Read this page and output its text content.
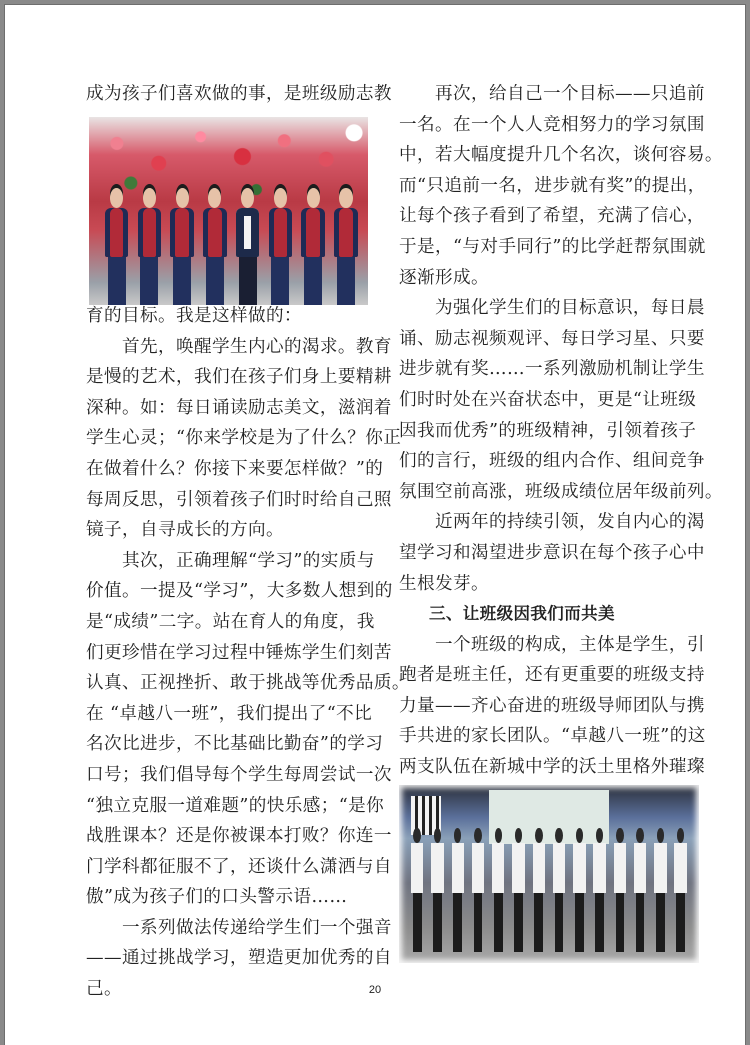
成为孩子们喜欢做的事，是班级励志教
育的目标。我是这样做的：
首先，唤醒学生内心的渴求。教育
是慢的艺术，我们在孩子们身上要精耕
深种。如：每日诵读励志美文，滋润着
学生心灵；“你来学校是为了什么？你正
在做着什么？你接下来要怎样做？”的
每周反思，引领着孩子们时时给自己照
镜子，自寻成长的方向。
其次，正确理解“学习”的实质与
价值。一提及“学习”，大多数人想到的
是“成绩”二字。站在育人的角度，我
们更珍惜在学习过程中锤炼学生们刻苦
认真、正视挫折、敢于挑战等优秀品质。
在 “卓越八一班”，我们提出了“不比
名次比进步，不比基础比勤奋”的学习
口号；我们倡导每个学生每周尝试一次
“独立克服一道难题”的快乐感；“是你
战胜课本？还是你被课本打败？你连一
门学科都征服不了，还谈什么潇洒与自
傲”成为孩子们的口头警示语……
一系列做法传递给学生们一个强音
——通过挑战学习，塑造更加优秀的自
己。
再次，给自己一个目标——只追前
一名。在一个人人竞相努力的学习氛围
中，若大幅度提升几个名次，谈何容易。
而“只追前一名，进步就有奖”的提出，
让每个孩子看到了希望，充满了信心，
于是，“与对手同行”的比学赶帮氛围就
逐渐形成。
为强化学生们的目标意识，每日晨
诵、励志视频观评、每日学习星、只要
进步就有奖……一系列激励机制让学生
们时时处在兴奋状态中，更是“让班级
因我而优秀”的班级精神，引领着孩子
们的言行，班级的组内合作、组间竞争
氛围空前高涨，班级成绩位居年级前列。
近两年的持续引领，发自内心的渴
望学习和渴望进步意识在每个孩子心中
生根发芽。
三、让班级因我们而共美
一个班级的构成，主体是学生，引
跑者是班主任，还有更重要的班级支持
力量——齐心奋进的班级导师团队与携
手共进的家长团队。“卓越八一班”的这
两支队伍在新城中学的沃土里格外璀璨
20
